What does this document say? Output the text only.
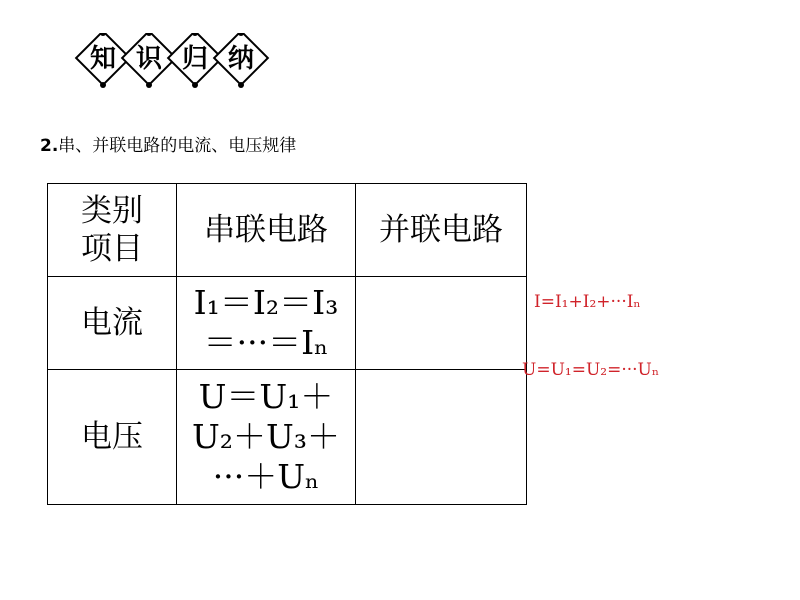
知 识 归 纳
2.串、并联电路的电流、电压规律
类别
项目	串联电路	并联电路
电流	I₁＝I₂＝I₃
＝···＝Iₙ	

电压	U＝U₁＋
U₂＋U₃＋
···＋Uₙ	

I=I₁+I₂+···Iₙ
U=U₁=U₂=···Uₙ
